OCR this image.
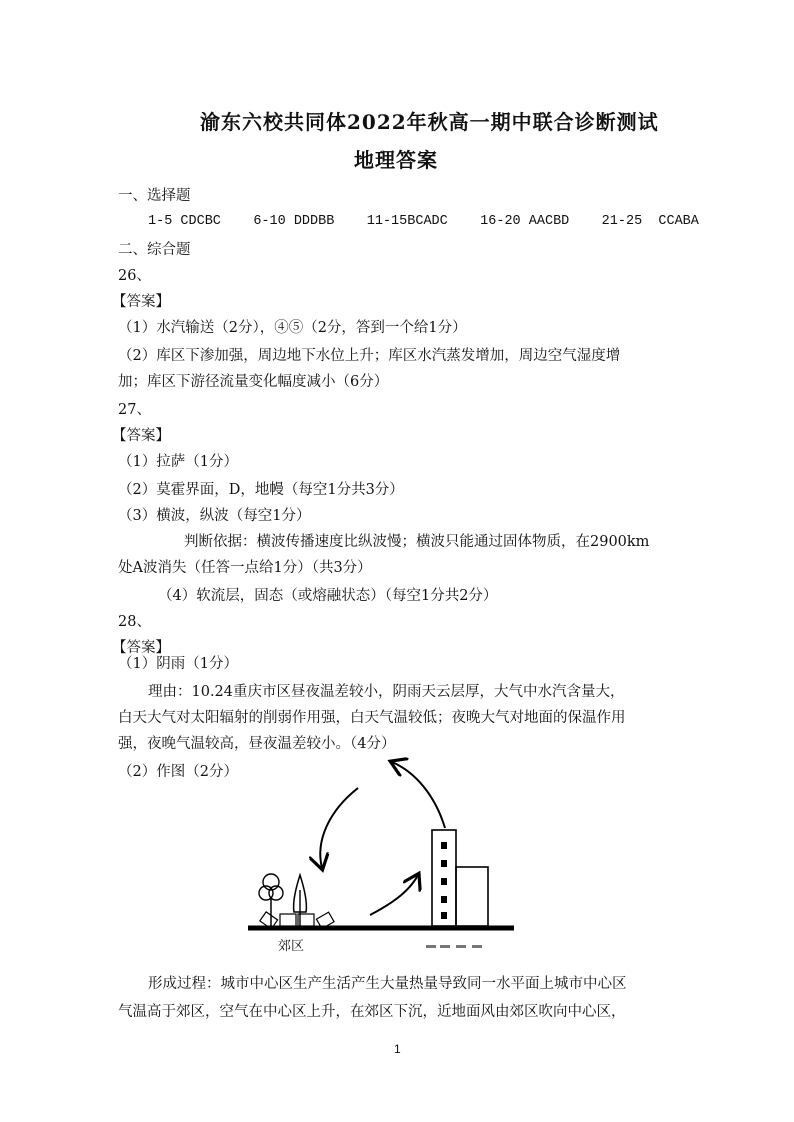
渝东六校共同体2022年秋高一期中联合诊断测试
地理答案
一、选择题
1-5 CDCBC    6-10 DDDBB    11-15BCADC    16-20 AACBD    21-25  CCABA
二、综合题
26、
【答案】
（1）水汽输送（2分），④⑤（2分，答到一个给1分）
（2）库区下渗加强，周边地下水位上升；库区水汽蒸发增加，周边空气湿度增
加；库区下游径流量变化幅度减小（6分）
27、
【答案】
（1）拉萨（1分）
（2）莫霍界面，D，地幔（每空1分共3分）
（3）横波，纵波（每空1分）
判断依据：横波传播速度比纵波慢；横波只能通过固体物质，在2900km
处A波消失（任答一点给1分）（共3分）
（4）软流层，固态（或熔融状态）（每空1分共2分）
28、
【答案】
（1）阴雨（1分）
理由：10.24重庆市区昼夜温差较小，阴雨天云层厚，大气中水汽含量大，
白天大气对太阳辐射的削弱作用强，白天气温较低；夜晚大气对地面的保温作用
强，夜晚气温较高，昼夜温差较小。（4分）
（2）作图（2分）
郊区
形成过程：城市中心区生产生活产生大量热量导致同一水平面上城市中心区
气温高于郊区，空气在中心区上升，在郊区下沉，近地面风由郊区吹向中心区，
1
